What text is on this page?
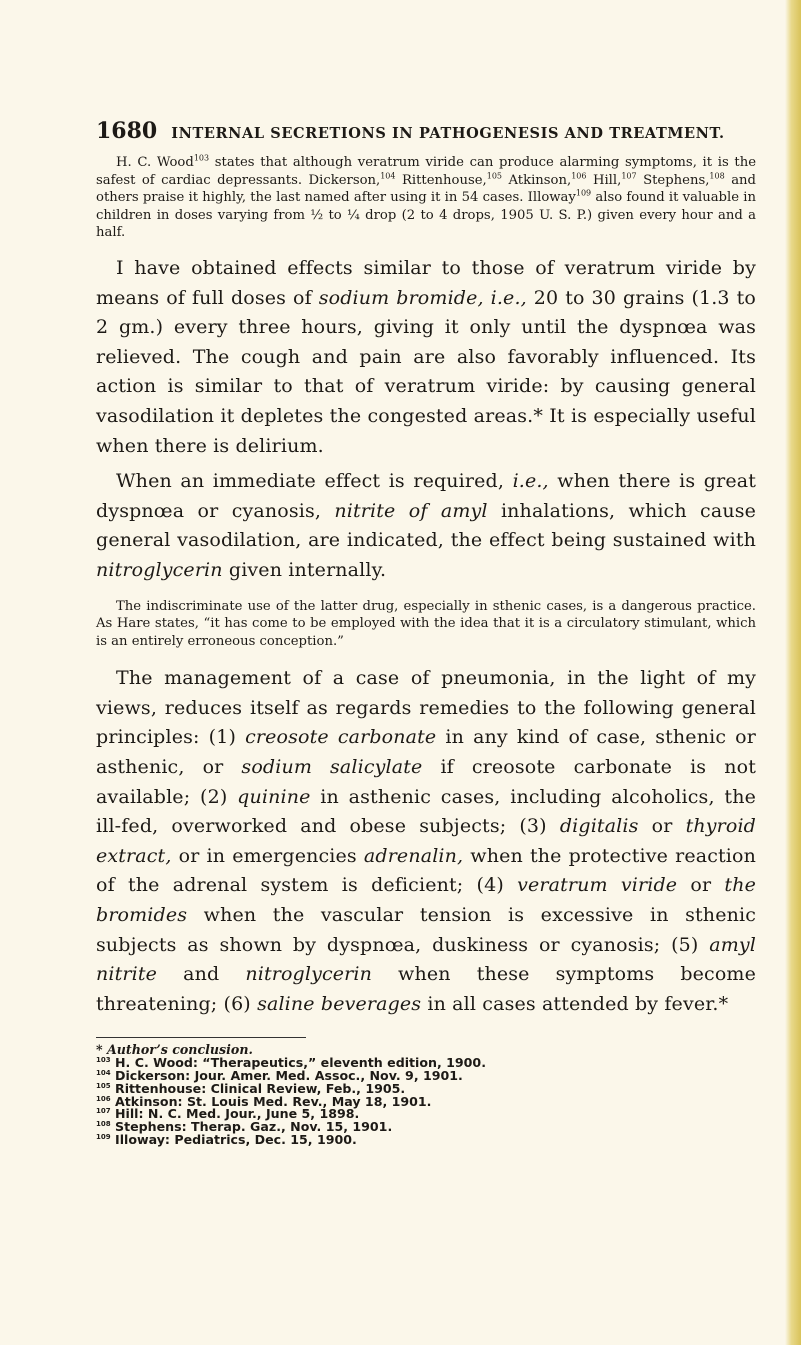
1680 INTERNAL SECRETIONS IN PATHOGENESIS AND TREATMENT.

H. C. Wood$^{103}$ states that although veratrum viride can produce alarming symptoms, it is the safest of cardiac depressants. Dickerson,$^{104}$ Rittenhouse,$^{105}$ Atkinson,$^{106}$ Hill,$^{107}$ Stephens,$^{108}$ and others praise it highly, the last named after using it in 54 cases. Illoway$^{109}$ also found it valuable in children in doses varying from ½ to ¼ drop (2 to 4 drops, 1905 U. S. P.) given every hour and a half.

I have obtained effects similar to those of veratrum viride by means of full doses of sodium bromide, i.e., 20 to 30 grains (1.3 to 2 gm.) every three hours, giving it only until the dyspnœa was relieved. The cough and pain are also favorably influenced. Its action is similar to that of veratrum viride: by causing general vasodilation it depletes the congested areas.* It is especially useful when there is delirium.

When an immediate effect is required, i.e., when there is great dyspnœa or cyanosis, nitrite of amyl inhalations, which cause general vasodilation, are indicated, the effect being sustained with nitroglycerin given internally.

The indiscriminate use of the latter drug, especially in sthenic cases, is a dangerous practice. As Hare states, “it has come to be employed with the idea that it is a circulatory stimulant, which is an entirely erroneous conception.”

The management of a case of pneumonia, in the light of my views, reduces itself as regards remedies to the following general principles: (1) creosote carbonate in any kind of case, sthenic or asthenic, or sodium salicylate if creosote carbonate is not available; (2) quinine in asthenic cases, including alcoholics, the ill-fed, overworked and obese subjects; (3) digitalis or thyroid extract, or in emergencies adrenalin, when the protective reaction of the adrenal system is deficient; (4) veratrum viride or the bromides when the vascular tension is excessive in sthenic subjects as shown by dyspnœa, duskiness or cyanosis; (5) amyl nitrite and nitroglycerin when these symptoms become threatening; (6) saline beverages in all cases attended by fever.*

* Author’s conclusion.
$^{103}$ H. C. Wood: “Therapeutics,” eleventh edition, 1900.
$^{104}$ Dickerson: Jour. Amer. Med. Assoc., Nov. 9, 1901.
$^{105}$ Rittenhouse: Clinical Review, Feb., 1905.
$^{106}$ Atkinson: St. Louis Med. Rev., May 18, 1901.
$^{107}$ Hill: N. C. Med. Jour., June 5, 1898.
$^{108}$ Stephens: Therap. Gaz., Nov. 15, 1901.
$^{109}$ Illoway: Pediatrics, Dec. 15, 1900.
